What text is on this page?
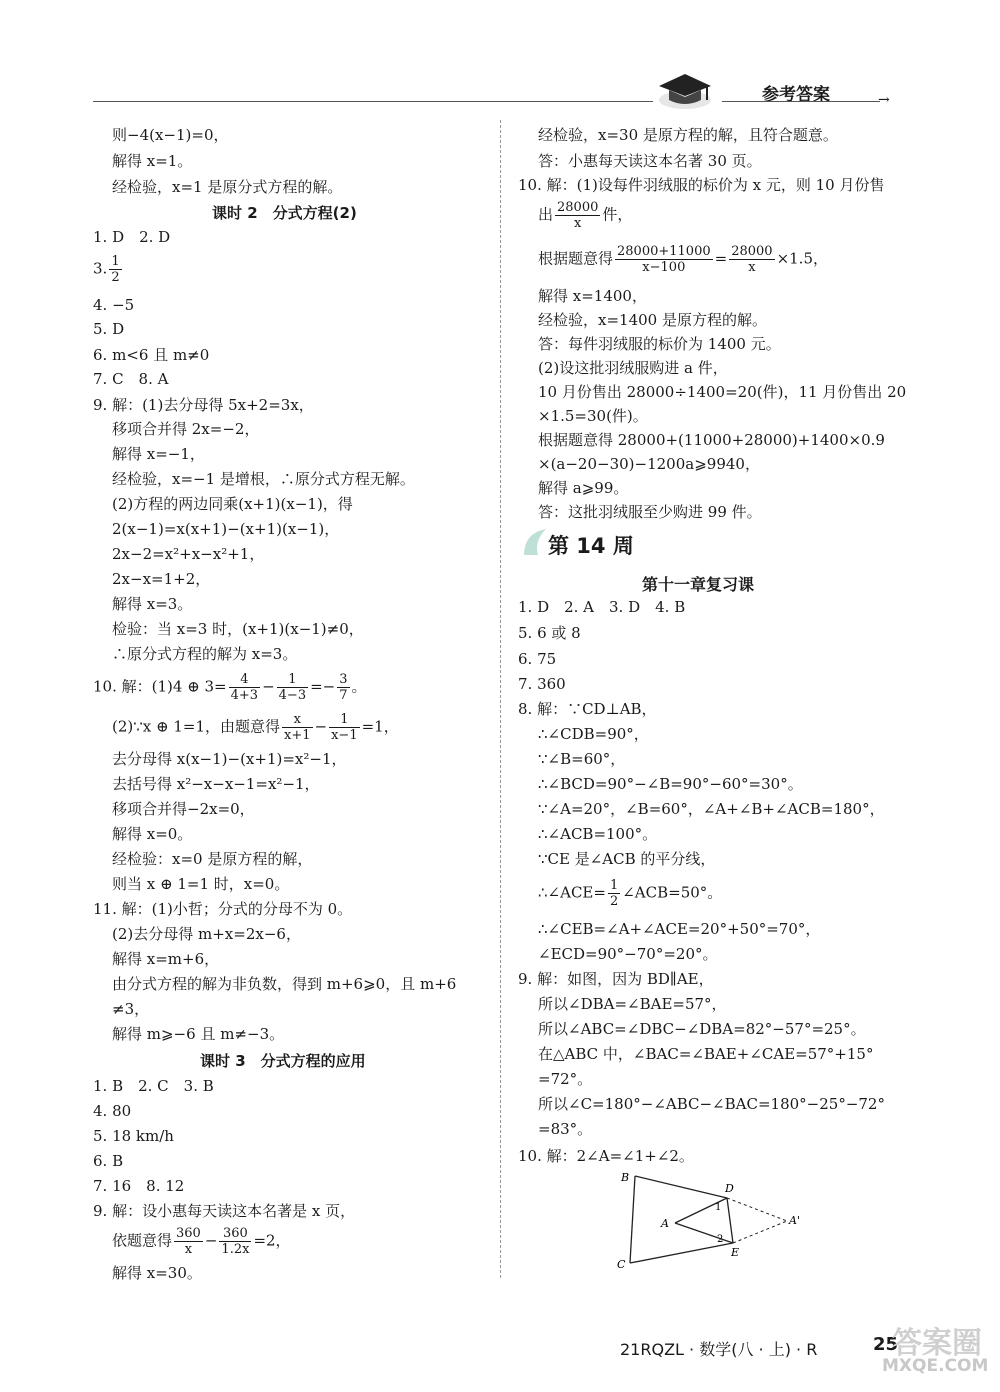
参考答案	→
则−4(x−1)=0，
解得 x=1。
经检验，x=1 是原分式方程的解。
课时 2　分式方程(2)
1. D　2. D
3. $\frac{1}{2}$
4. −5
5. D
6. m<6 且 m≠0
7. C　8. A
9. 解：(1)去分母得 5x+2=3x，
移项合并得 2x=−2，
解得 x=−1，
经检验，x=−1 是增根，∴原分式方程无解。
(2)方程的两边同乘(x+1)(x−1)，得
2(x−1)=x(x+1)−(x+1)(x−1)，
2x−2=x²+x−x²+1，
2x−x=1+2，
解得 x=3。
检验：当 x=3 时，(x+1)(x−1)≠0，
∴原分式方程的解为 x=3。
10. 解：(1)4 ⊕ $3= \frac{4}{4+3} - \frac{1}{4-3} =- \frac{3}{7}$ 。
(2)∵x ⊕ 1=1，由题意得 $\frac{x}{x+1} - \frac{1}{x-1} =1$，
去分母得 x(x−1)−(x+1)=x²−1，
去括号得 x²−x−x−1=x²−1，
移项合并得−2x=0，
解得 x=0。
经检验：x=0 是原方程的解，
则当 x ⊕ 1=1 时，x=0。
11. 解：(1)小哲；分式的分母不为 0。
(2)去分母得 m+x=2x−6，
解得 x=m+6，
由分式方程的解为非负数，得到 m+6⩾0，且 m+6
≠3，
解得 m⩾−6 且 m≠−3。
课时 3　分式方程的应用
1. B　2. C　3. B
4. 80
5. 18 km/h
6. B
7. 16　8. 12
9. 解：设小惠每天读这本名著是 x 页，
依题意得 $\frac{360}{x} - \frac{360}{1.2x} =2$，
解得 x=30。
经检验，x=30 是原方程的解，且符合题意。
答：小惠每天读这本名著 30 页。
10. 解：(1)设每件羽绒服的标价为 x 元，则 10 月份售
出 $\frac{28000}{x}$ 件，
根据题意得 $\frac{28000+11000}{x-100} = \frac{28000}{x} \times 1.5$，
解得 x=1400，
经检验，x=1400 是原方程的解。
答：每件羽绒服的标价为 1400 元。
(2)设这批羽绒服购进 a 件，
10 月份售出 28000÷1400=20(件)，11 月份售出 20
×1.5=30(件)。
根据题意得 28000+(11000+28000)+1400×0.9
×(a−20−30)−1200a⩾9940，
解得 a⩾99。
答：这批羽绒服至少购进 99 件。
第 14 周
第十一章复习课
1. D　2. A　3. D　4. B
5. 6 或 8
6. 75
7. 360
8. 解：∵CD⊥AB，
∴∠CDB=90°，
∵∠B=60°，
∴∠BCD=90°−∠B=90°−60°=30°。
∵∠A=20°，∠B=60°，∠A+∠B+∠ACB=180°，
∴∠ACB=100°。
∵CE 是∠ACB 的平分线，
∴∠ACE= $\frac{1}{2}$ ∠ACB=50°。
∴∠CEB=∠A+∠ACE=20°+50°=70°，
∠ECD=90°−70°=20°。
9. 解：如图，因为 BD∥AE，
所以∠DBA=∠BAE=57°，
所以∠ABC=∠DBC−∠DBA=82°−57°=25°。
在△ABC 中，∠BAC=∠BAE+∠CAE=57°+15°
=72°。
所以∠C=180°−∠ABC−∠BAC=180°−25°−72°
=83°。
10. 解：2∠A=∠1+∠2。
B
C
D
E
A	A'
1
2
21RQZL · 数学(八 · 上) · R	25
答案圈
MXQE.COM
